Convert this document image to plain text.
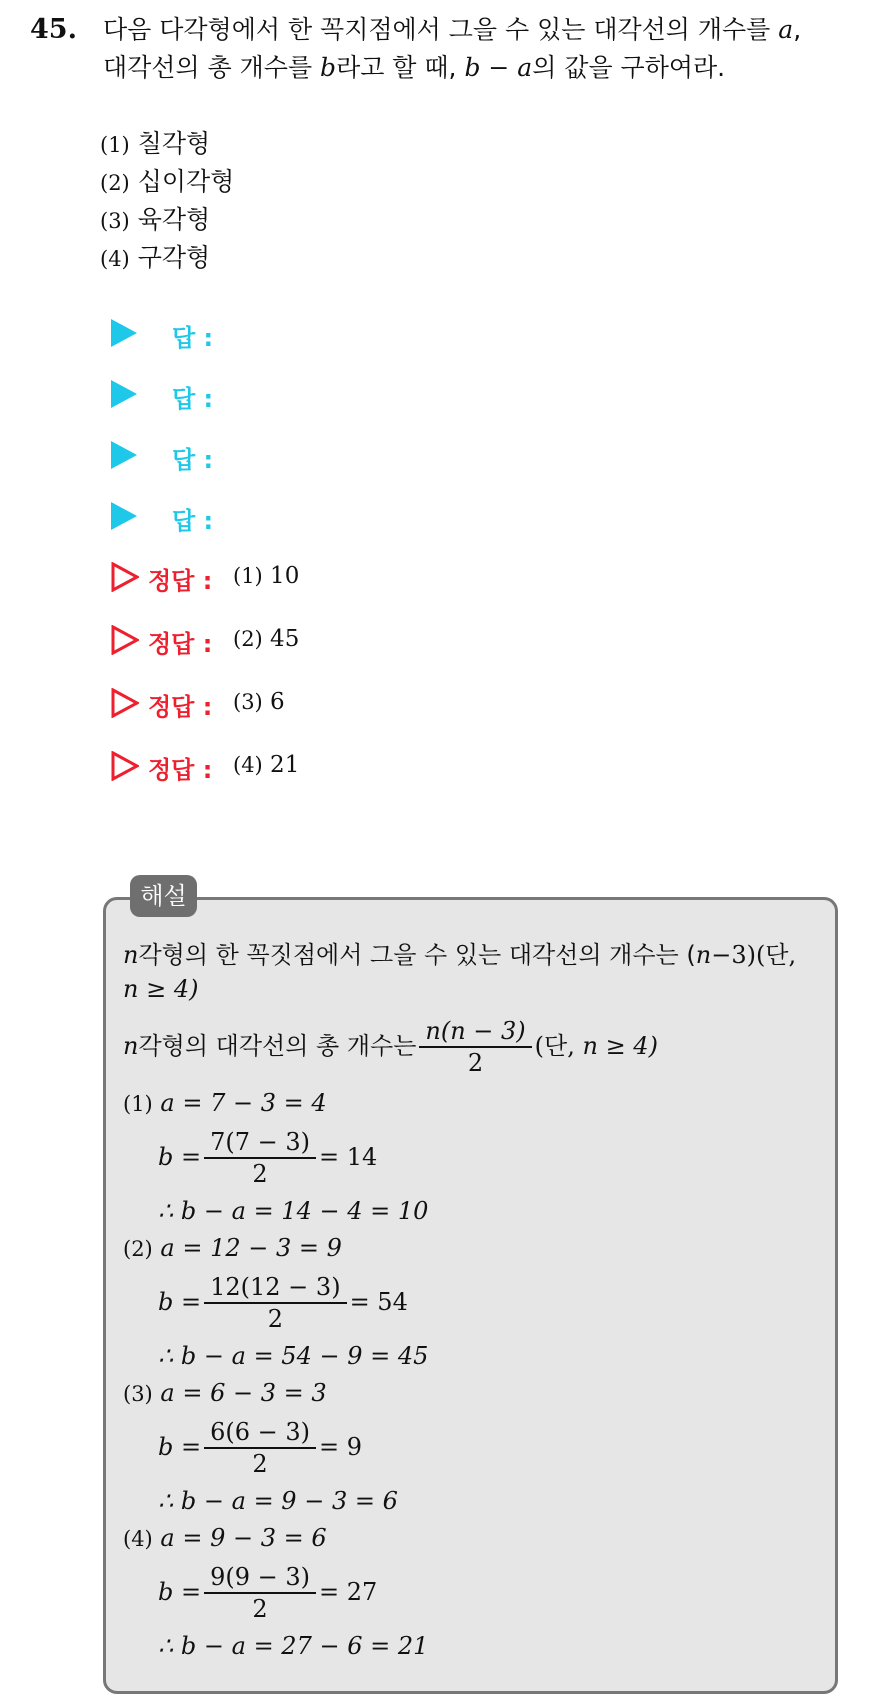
45. 다음 다각형에서 한 꼭지점에서 그을 수 있는 대각선의 개수를 a,
대각선의 총 개수를 b라고 할 때, b − a의 값을 구하여라.
(1) 칠각형
(2) 십이각형
(3) 육각형
(4) 구각형
답 :
답 :
답 :
답 :
정답 : (1) 10
정답 : (2) 45
정답 : (3) 6
정답 : (4) 21
해설
n각형의 한 꼭짓점에서 그을 수 있는 대각선의 개수는 (n−3)(단,
n ≥ 4)
n각형의 대각선의 총 개수는 $\frac{n(n - 3)}{2}$ (단, n ≥ 4)
(1) a = 7 − 3 = 4
$b = \frac{7(7 - 3)}{2} = 14$
∴ b − a = 14 − 4 = 10
(2) a = 12 − 3 = 9
$b = \frac{12(12 - 3)}{2} = 54$
∴ b − a = 54 − 9 = 45
(3) a = 6 − 3 = 3
$b = \frac{6(6 - 3)}{2} = 9$
∴ b − a = 9 − 3 = 6
(4) a = 9 − 3 = 6
$b = \frac{9(9 - 3)}{2} = 27$
∴ b − a = 27 − 6 = 21
